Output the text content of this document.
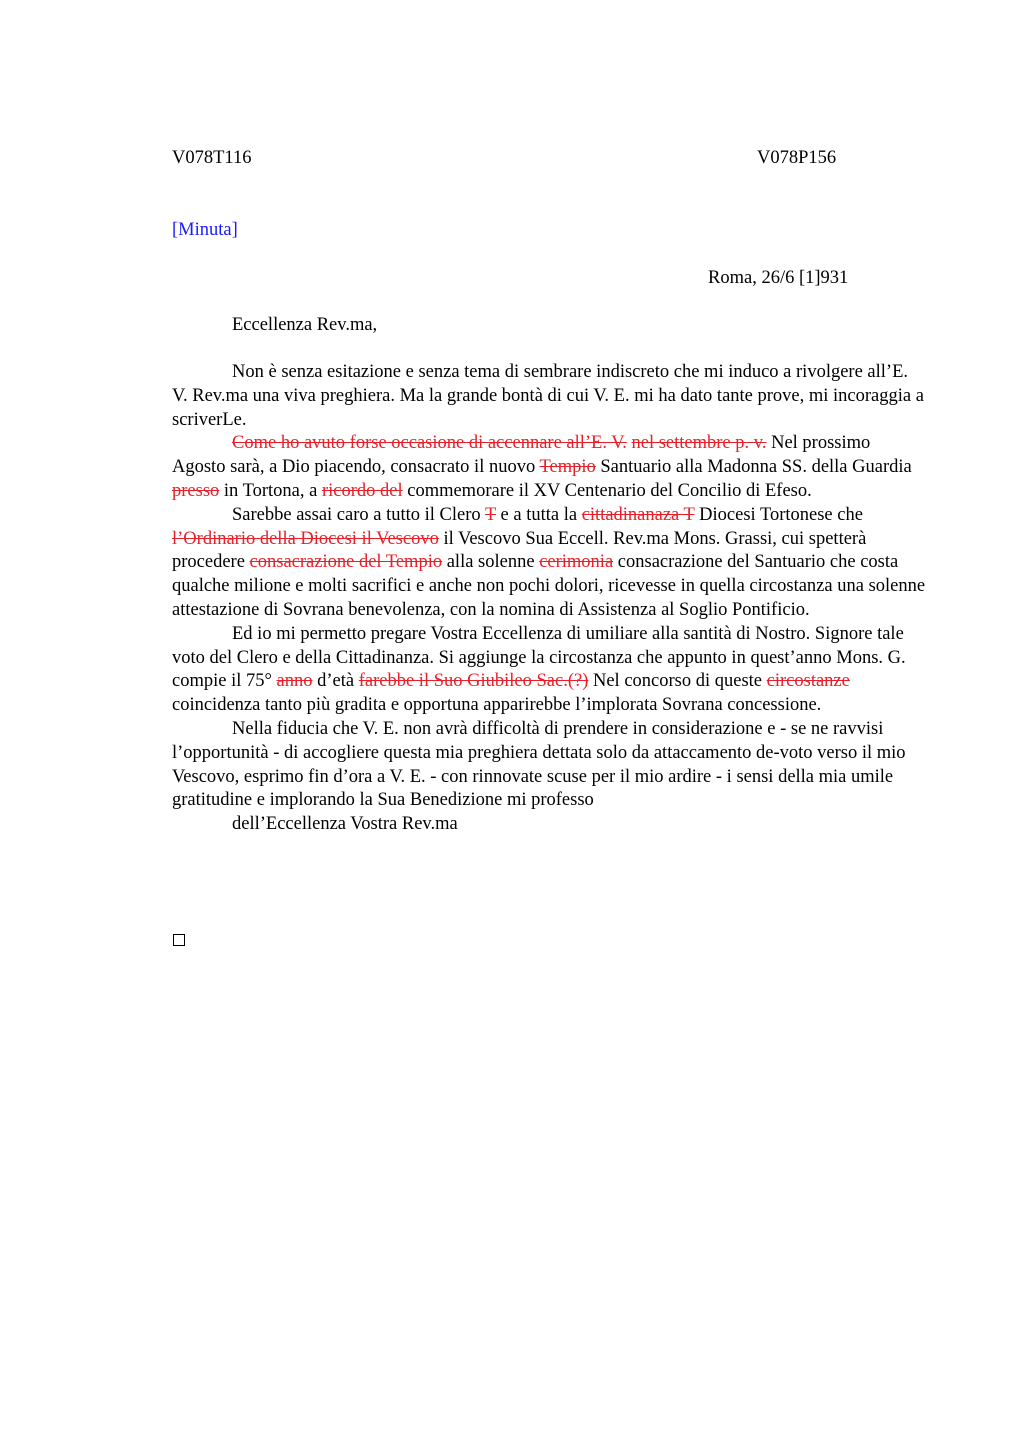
V078T116	V078P156
[Minuta]
Roma, 26/6 [1]931
Eccellenza Rev.ma,

Non è senza esitazione e senza tema di sembrare indiscreto che mi induco a rivolgere all’E. V. Rev.ma una viva preghiera. Ma la grande bontà di cui V. E. mi ha dato tante prove, mi incoraggia a scriverLe.

Come ho avuto forse occasione di accennare all’E. V. nel settembre p. v. Nel prossimo Agosto sarà, a Dio piacendo, consacrato il nuovo Tempio Santuario alla Madonna SS. della Guardia presso in Tortona, a ricordo del commemorare il XV Centenario del Concilio di Efeso.

Sarebbe assai caro a tutto il Clero T e a tutta la cittadinanaza T Diocesi Tortonese che l’Ordinario della Diocesi il Vescovo il Vescovo Sua Eccell. Rev.ma Mons. Grassi, cui spetterà procedere consacrazione del Tempio alla solenne cerimonia consacrazione del Santuario che costa qualche milione e molti sacrifici e anche non pochi dolori, ricevesse in quella circostanza una solenne attestazione di Sovrana benevolenza, con la nomina di Assistenza al Soglio Pontificio.

Ed io mi permetto pregare Vostra Eccellenza di umiliare alla santità di Nostro. Signore tale voto del Clero e della Cittadinanza. Si aggiunge la circostanza che appunto in quest’anno Mons. G. compie il 75° anno d’età farebbe il Suo Giubileo Sac.(?) Nel concorso di queste circostanze coincidenza tanto più gradita e opportuna apparirebbe l’implorata Sovrana concessione.

Nella fiducia che V. E. non avrà difficoltà di prendere in considerazione e - se ne ravvisi l’opportunità - di accogliere questa mia preghiera dettata solo da attaccamento de-voto verso il mio Vescovo, esprimo fin d’ora a V. E. - con rinnovate scuse per il mio ardire - i sensi della mia umile gratitudine e implorando la Sua Benedizione mi professo

dell’Eccellenza Vostra Rev.ma
